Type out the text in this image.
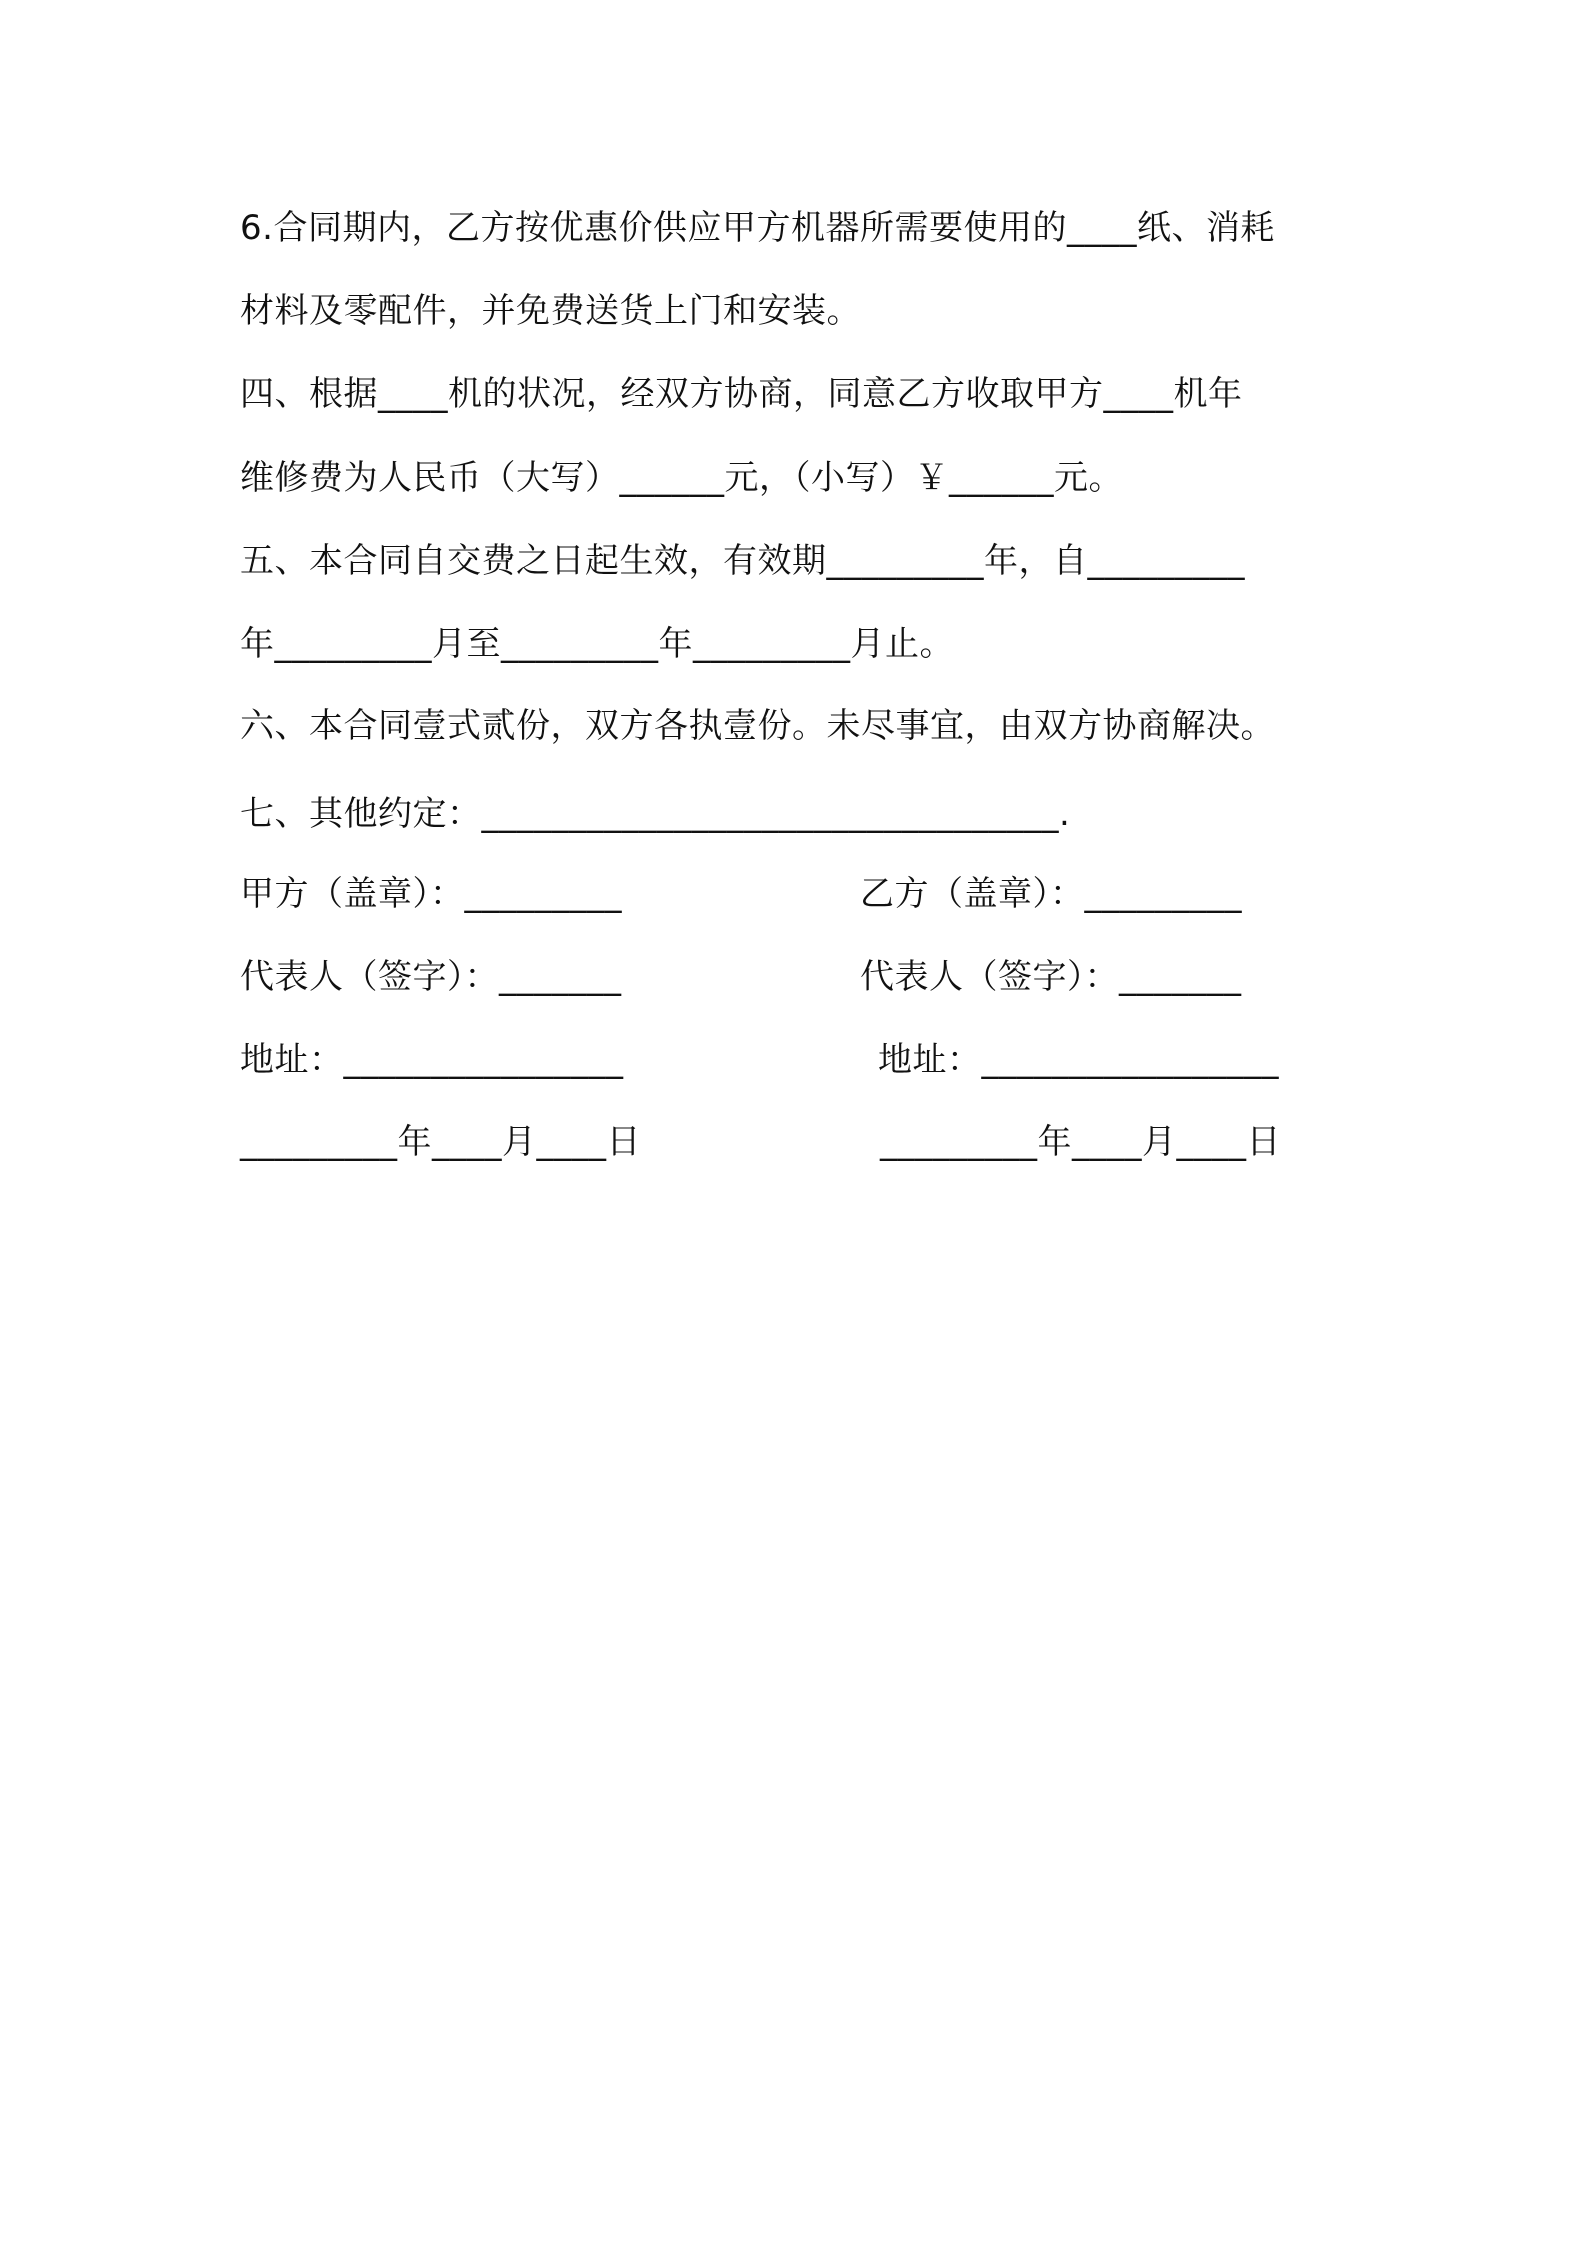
6.合同期内，乙方按优惠价供应甲方机器所需要使用的____纸、消耗
材料及零配件，并免费送货上门和安装。
四、根据____机的状况，经双方协商，同意乙方收取甲方____机年
维修费为人民币（大写）______元，（小写）￥______元。
五、本合同自交费之日起生效，有效期_________年，自_________
年_________月至_________年_________月止。
六、本合同壹式贰份，双方各执壹份。未尽事宜，由双方协商解决。
七、其他约定：_________________________________.
甲方（盖章）：_________	乙方（盖章）：_________
代表人（签字）：_______	代表人（签字）：_______
地址：________________	地址：_________________
_________年____月____日	_________年____月____日
